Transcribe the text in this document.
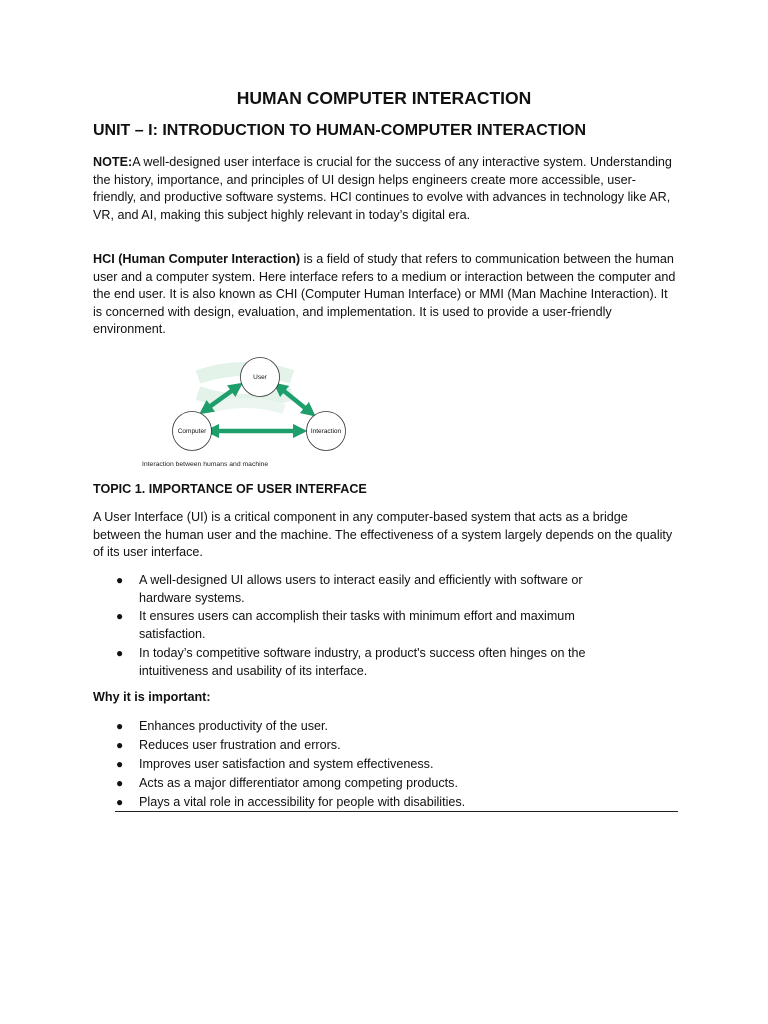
HUMAN COMPUTER INTERACTION
UNIT – I: INTRODUCTION TO HUMAN-COMPUTER INTERACTION

NOTE:A well-designed user interface is crucial for the success of any interactive system. Understanding the history, importance, and principles of UI design helps engineers create more accessible, user-friendly, and productive software systems. HCI continues to evolve with advances in technology like AR, VR, and AI, making this subject highly relevant in today’s digital era.

HCI (Human Computer Interaction) is a field of study that refers to communication between the human user and a computer system. Here interface refers to a medium or interaction between the computer and the end user. It is also known as CHI (Computer Human Interface) or MMI (Man Machine Interaction). It is concerned with design, evaluation, and implementation. It is used to provide a user-friendly environment.

User
Computer	Interaction
Interaction between humans and machine
TOPIC 1. IMPORTANCE OF USER INTERFACE

A User Interface (UI) is a critical component in any computer-based system that acts as a bridge between the human user and the machine. The effectiveness of a system largely depends on the quality of its user interface.

● A well-designed UI allows users to interact easily and efficiently with software or hardware systems.
● It ensures users can accomplish their tasks with minimum effort and maximum satisfaction.
● In today’s competitive software industry, a product's success often hinges on the intuitiveness and usability of its interface.
Why it is important:
● Enhances productivity of the user.
● Reduces user frustration and errors.
● Improves user satisfaction and system effectiveness.
● Acts as a major differentiator among competing products.
● Plays a vital role in accessibility for people with disabilities.
